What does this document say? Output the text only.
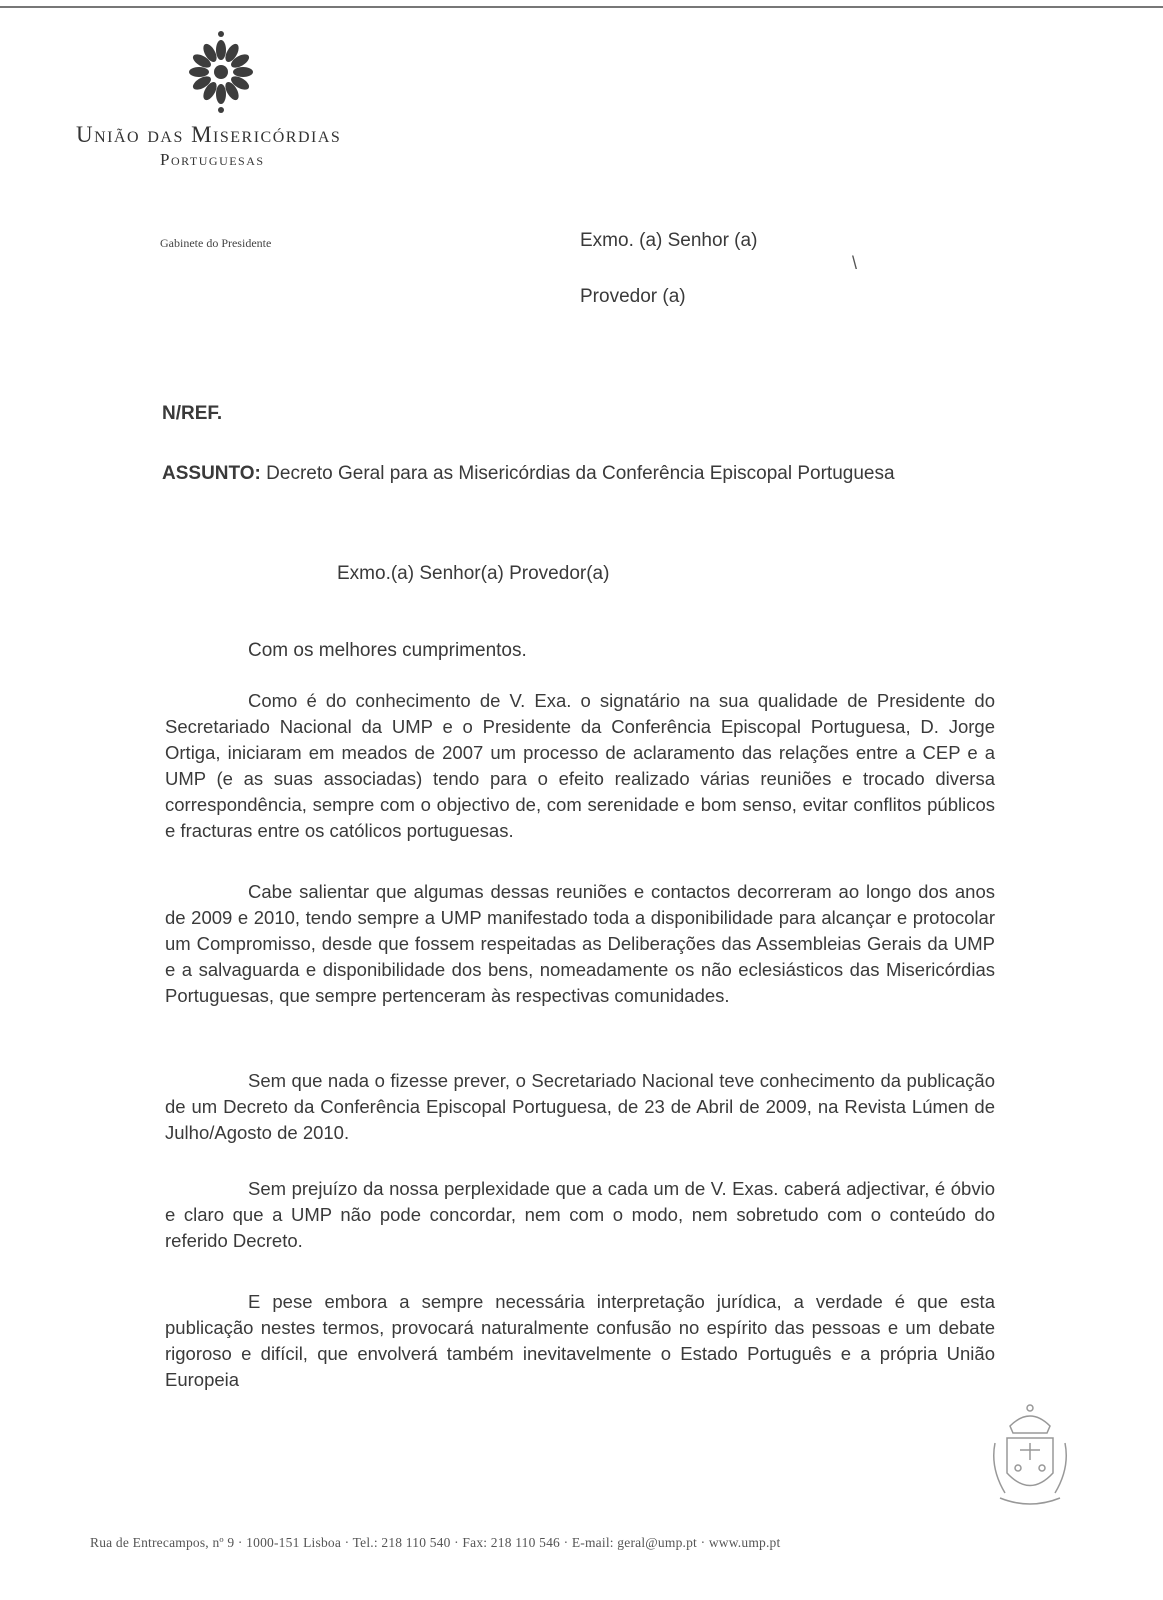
União das Misericórdias
Portuguesas
Gabinete do Presidente	Exmo. (a) Senhor (a)
Provedor (a)
\
N/REF.
ASSUNTO: Decreto Geral para as Misericórdias da Conferência Episcopal Portuguesa
Exmo.(a) Senhor(a) Provedor(a)
Com os melhores cumprimentos.

Como é do conhecimento de V. Exa. o signatário na sua qualidade de Presidente do Secretariado Nacional da UMP e o Presidente da Conferência Episcopal Portuguesa, D. Jorge Ortiga, iniciaram em meados de 2007 um processo de aclaramento das relações entre a CEP e a UMP (e as suas associadas) tendo para o efeito realizado várias reuniões e trocado diversa correspondência, sempre com o objectivo de, com serenidade e bom senso, evitar conflitos públicos e fracturas entre os católicos portuguesas.

Cabe salientar que algumas dessas reuniões e contactos decorreram ao longo dos anos de 2009 e 2010, tendo sempre a UMP manifestado toda a disponibilidade para alcançar e protocolar um Compromisso, desde que fossem respeitadas as Deliberações das Assembleias Gerais da UMP e a salvaguarda e disponibilidade dos bens, nomeadamente os não eclesiásticos das Misericórdias Portuguesas, que sempre pertenceram às respectivas comunidades.

Sem que nada o fizesse prever, o Secretariado Nacional teve conhecimento da publicação de um Decreto da Conferência Episcopal Portuguesa, de 23 de Abril de 2009, na Revista Lúmen de Julho/Agosto de 2010.

Sem prejuízo da nossa perplexidade que a cada um de V. Exas. caberá adjectivar, é óbvio e claro que a UMP não pode concordar, nem com o modo, nem sobretudo com o conteúdo do referido Decreto.

E pese embora a sempre necessária interpretação jurídica, a verdade é que esta publicação nestes termos, provocará naturalmente confusão no espírito das pessoas e um debate rigoroso e difícil, que envolverá também inevitavelmente o Estado Português e a própria União Europeia

Rua de Entrecampos, nº 9 · 1000-151 Lisboa · Tel.: 218 110 540 · Fax: 218 110 546 · E-mail: geral@ump.pt · www.ump.pt
